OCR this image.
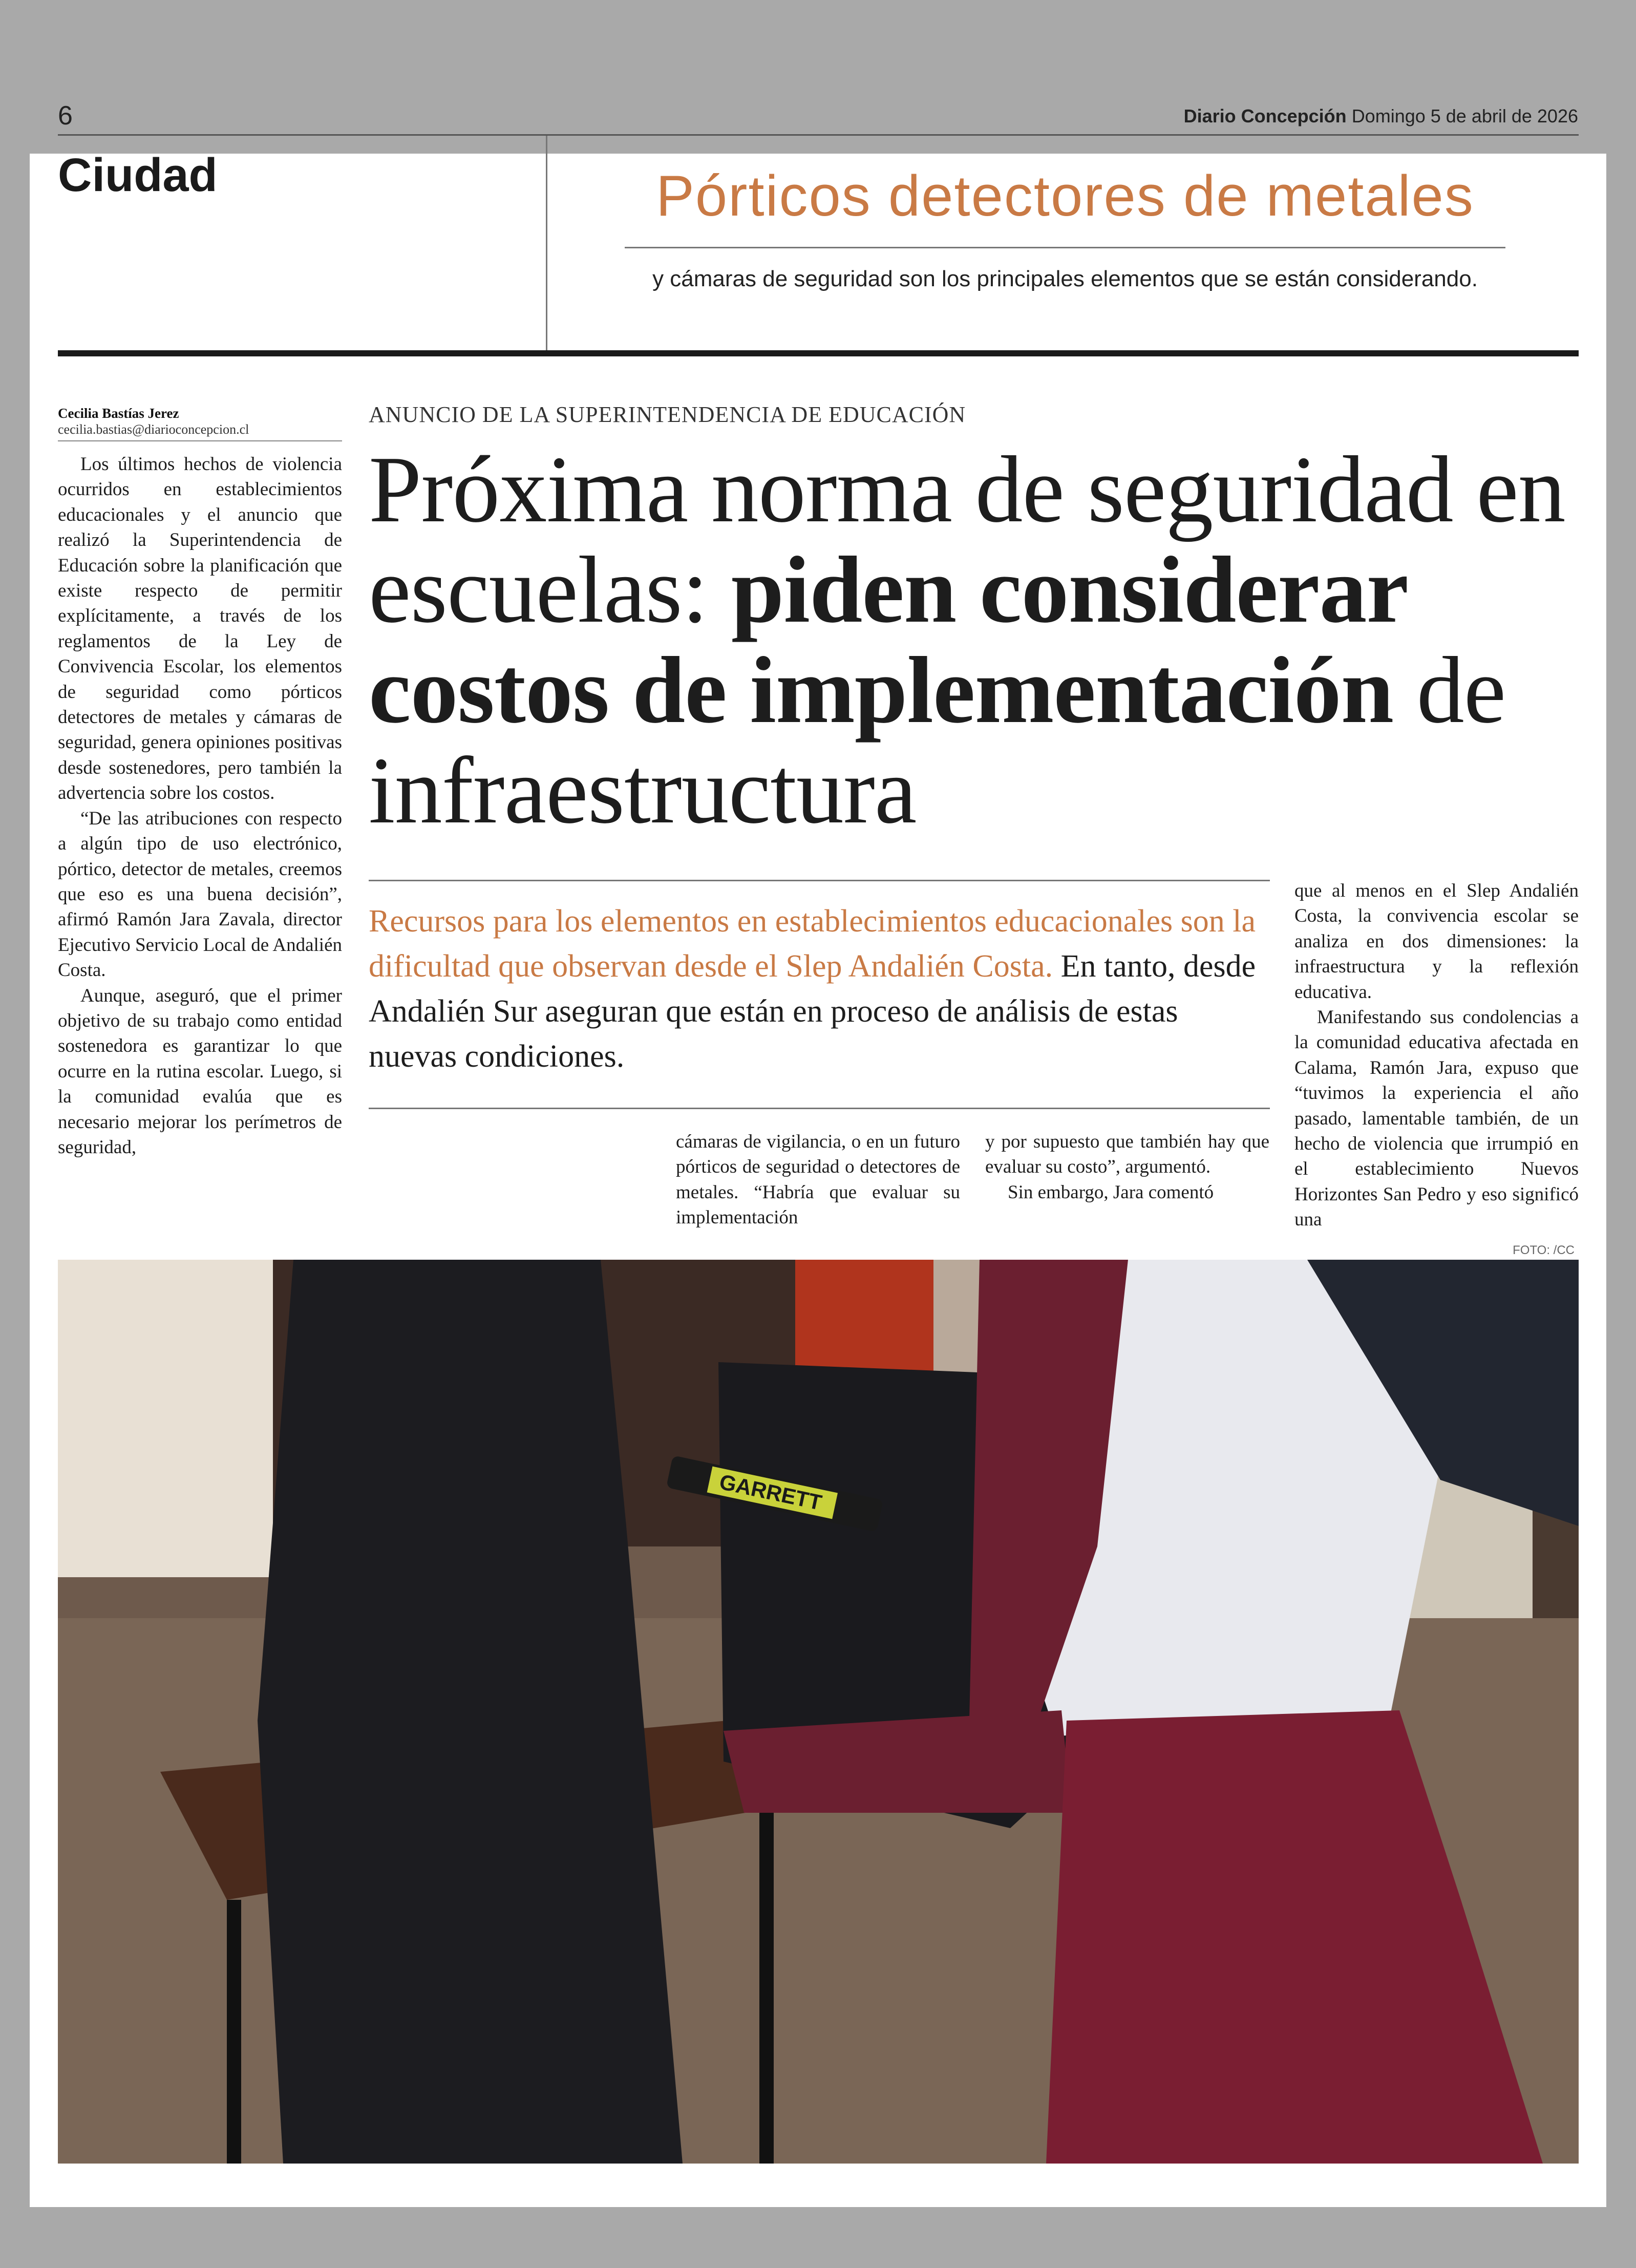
6	Diario Concepción Domingo 5 de abril de 2026
Ciudad	Pórticos detectores de metales
y cámaras de seguridad son los principales elementos que se están considerando.
Cecilia Bastías Jerez
cecilia.bastias@diarioconcepcion.cl

Los últimos hechos de violencia ocurridos en establecimientos educacionales y el anuncio que realizó la Superintendencia de Educación sobre la planificación que existe respecto de permitir explícitamente, a través de los reglamentos de la Ley de Convivencia Escolar, los elementos de seguridad como pórticos detectores de metales y cámaras de seguridad, genera opiniones positivas desde sostenedores, pero también la advertencia sobre los costos.

“De las atribuciones con respecto a algún tipo de uso electrónico, pórtico, detector de metales, creemos que eso es una buena decisión”, afirmó Ramón Jara Zavala, director Ejecutivo Servicio Local de Andalién Costa.

Aunque, aseguró, que el primer objetivo de su trabajo como entidad sostenedora es garantizar lo que ocurre en la rutina escolar. Luego, si la comunidad evalúa que es necesario mejorar los perímetros de seguridad,

ANUNCIO DE LA SUPERINTENDENCIA DE EDUCACIÓN
Próxima norma de seguridad en escuelas: piden considerar costos de implementación de infraestructura
Recursos para los elementos en establecimientos educacionales son la dificultad que observan desde el Slep Andalién Costa. En tanto, desde Andalién Sur aseguran que están en proceso de análisis de estas nuevas condiciones.

cámaras de vigilancia, o en un futuro pórticos de seguridad o detectores de metales. “Habría que evaluar su implementación

y por supuesto que también hay que evaluar su costo”, argumentó.

Sin embargo, Jara comentó

que al menos en el Slep Andalién Costa, la convivencia escolar se analiza en dos dimensiones: la infraestructura y la reflexión educativa.

Manifestando sus condolencias a la comunidad educativa afectada en Calama, Ramón Jara, expuso que “tuvimos la experiencia el año pasado, lamentable también, de un hecho de violencia que irrumpió en el establecimiento Nuevos Horizontes San Pedro y eso significó una

FOTO: /CC
GARRETT
